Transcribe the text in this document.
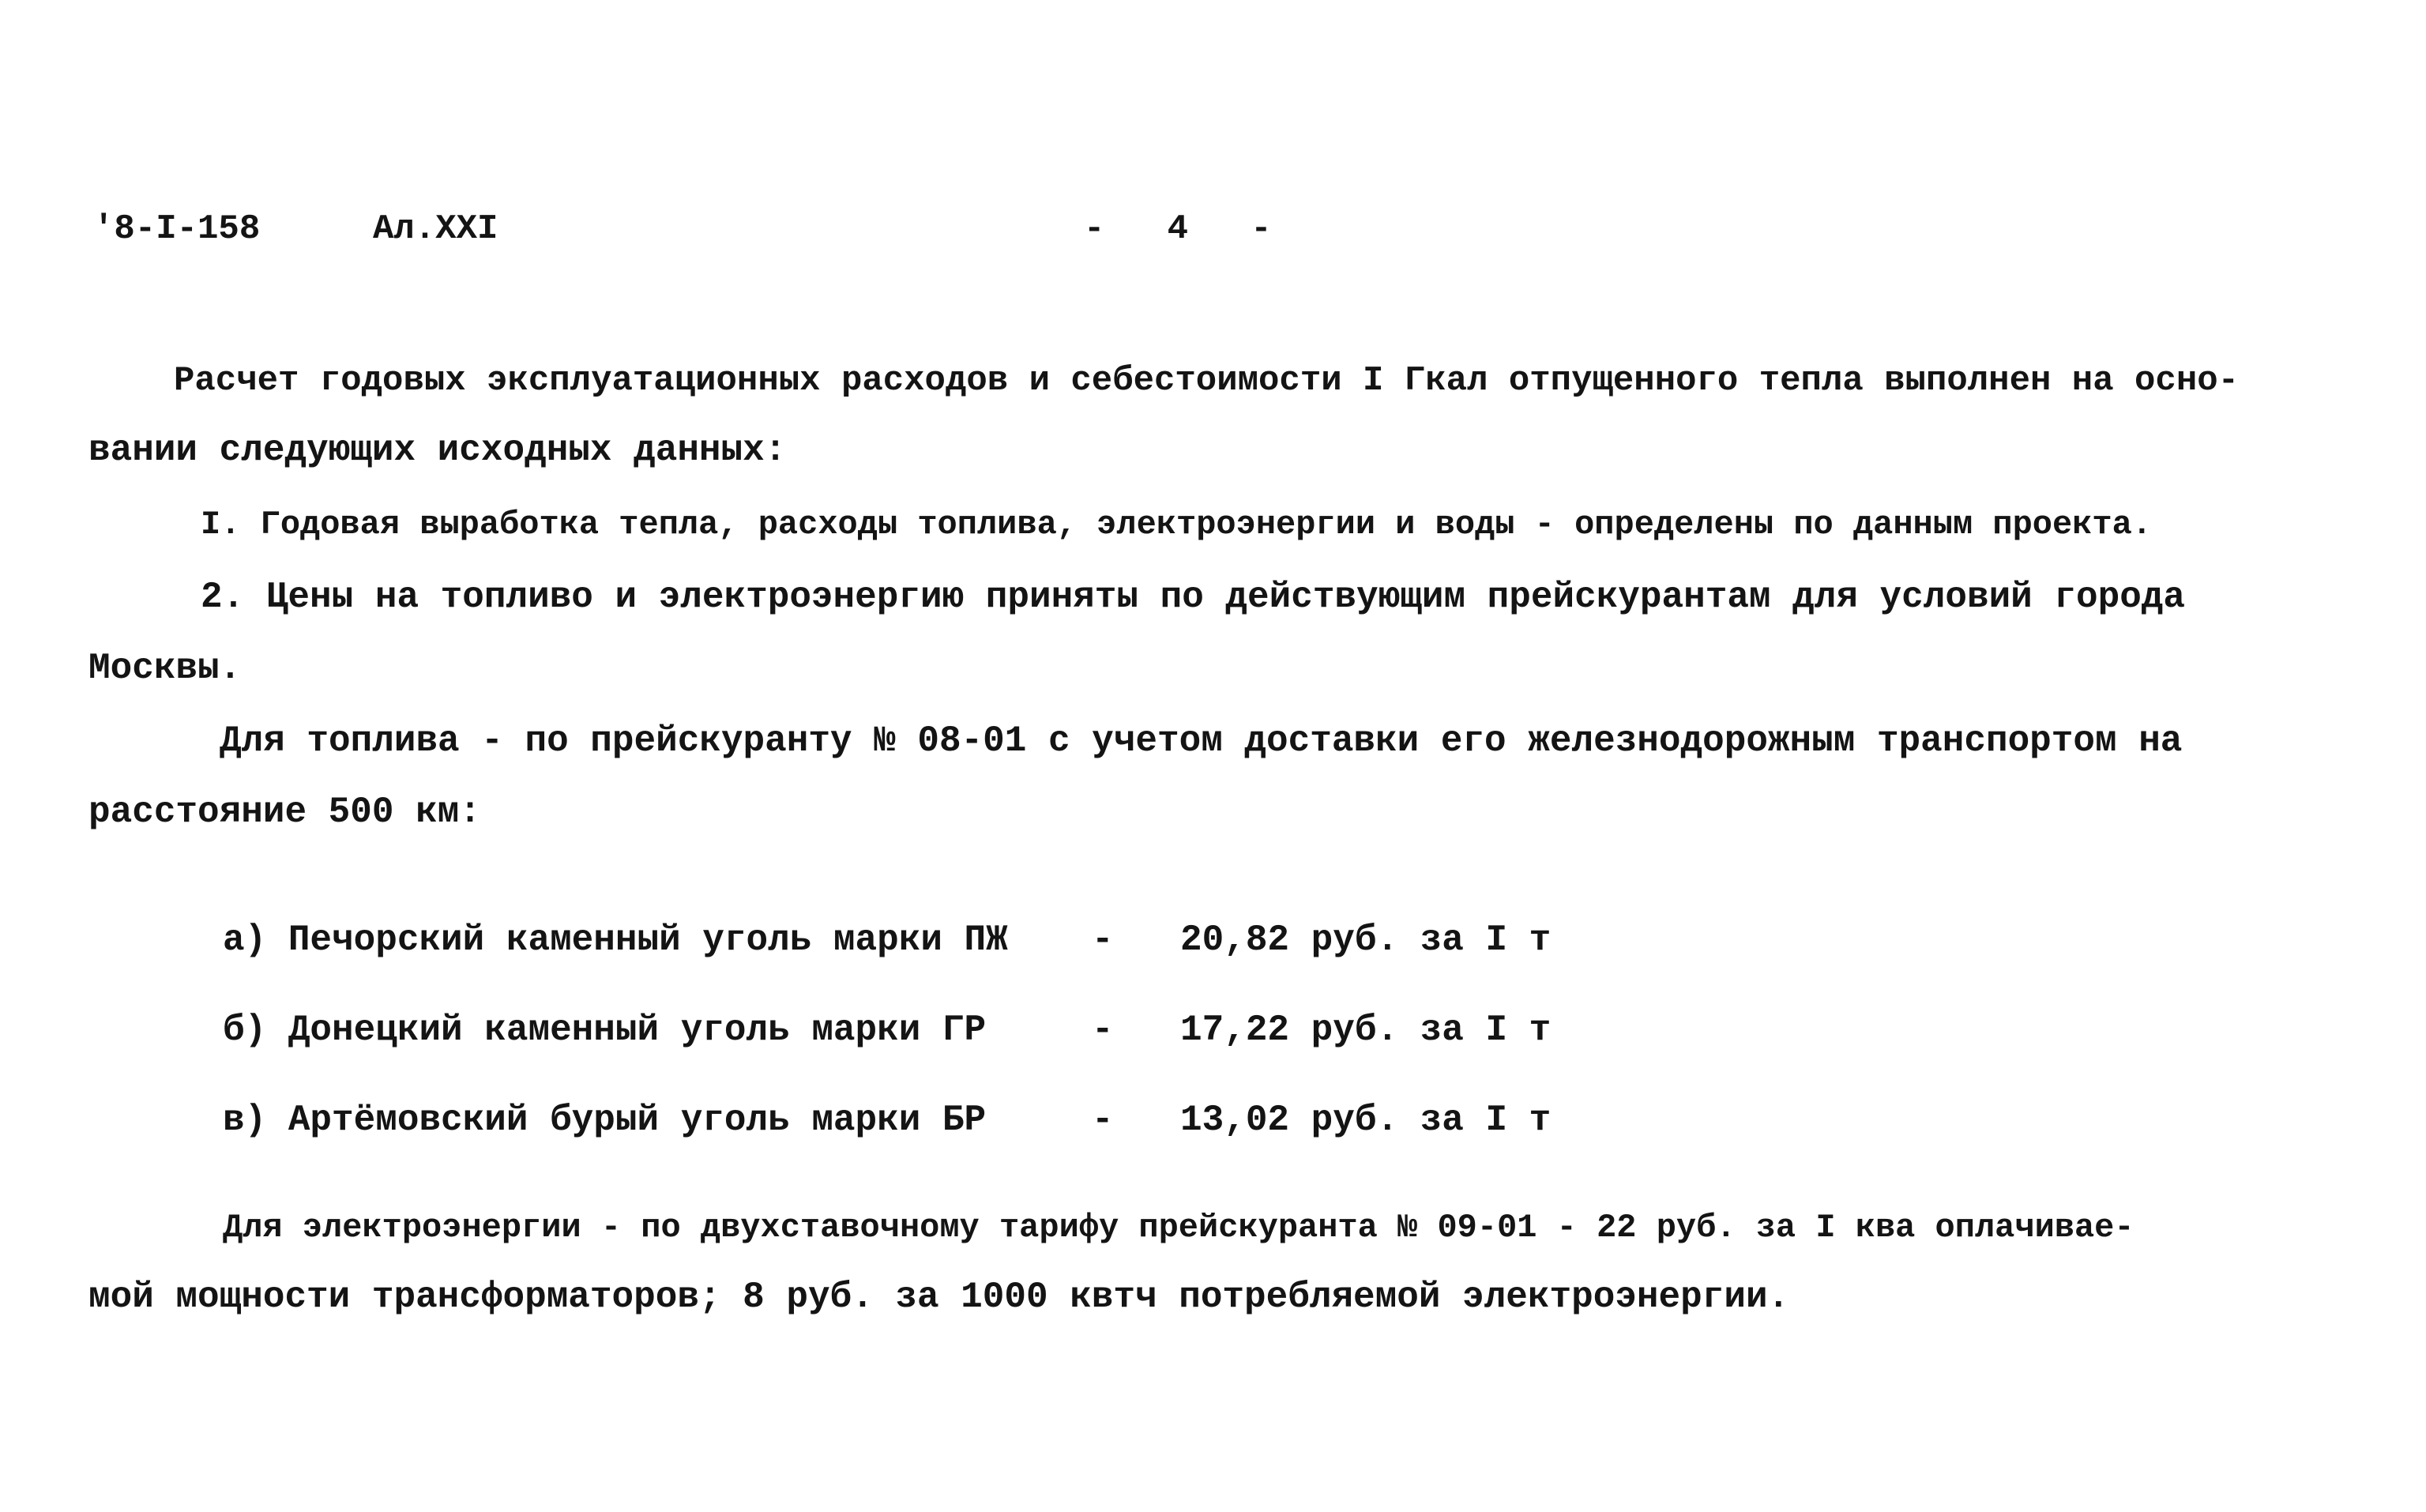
'8-I-158	Ал.XXI	-   4   -

Расчет годовых эксплуатационных расходов и себестоимости I Гкал отпущенного тепла выполнен на осно-

вании следующих исходных данных:

I. Годовая выработка тепла, расходы топлива, электроэнергии и воды - определены по данным проекта.

2. Цены на топливо и электроэнергию приняты по действующим прейскурантам для условий города

Москвы.

Для топлива - по прейскуранту № 08-01 с учетом доставки его железнодорожным транспортом на

расстояние 500 км:

а) Печорский каменный уголь марки ПЖ - 20,82 руб. за I т

б) Донецкий каменный уголь марки ГР	- 17,22 руб. за I т

в) Артёмовский бурый уголь марки БР	- 13,02 руб. за I т

Для электроэнергии - по двухставочному тарифу прейскуранта № 09-01 - 22 руб. за I ква оплачивае-

мой мощности трансформаторов; 8 руб. за 1000 квтч потребляемой электроэнергии.
